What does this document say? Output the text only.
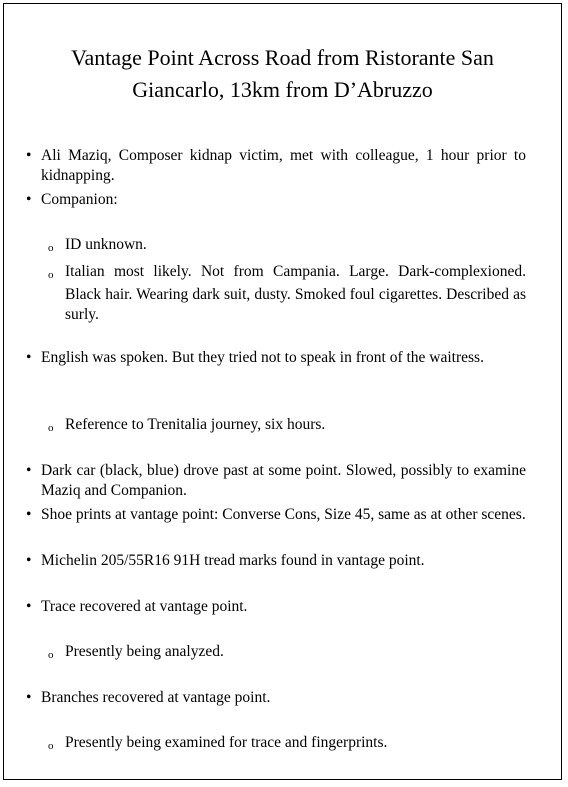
Vantage Point Across Road from Ristorante San Giancarlo, 13km from D’Abruzzo
• Ali Maziq, Composer kidnap victim, met with colleague, 1 hour prior to kidnapping.
• Companion:
o ID unknown.
o Italian most likely. Not from Campania. Large. Dark-complexioned. Black hair. Wearing dark suit, dusty. Smoked foul cigarettes. Described as surly.
• English was spoken. But they tried not to speak in front of the waitress.
o Reference to Trenitalia journey, six hours.
• Dark car (black, blue) drove past at some point. Slowed, possibly to examine Maziq and Companion.
• Shoe prints at vantage point: Converse Cons, Size 45, same as at other scenes.
• Michelin 205/55R16 91H tread marks found in vantage point.
• Trace recovered at vantage point.
o Presently being analyzed.
• Branches recovered at vantage point.
o Presently being examined for trace and fingerprints.
